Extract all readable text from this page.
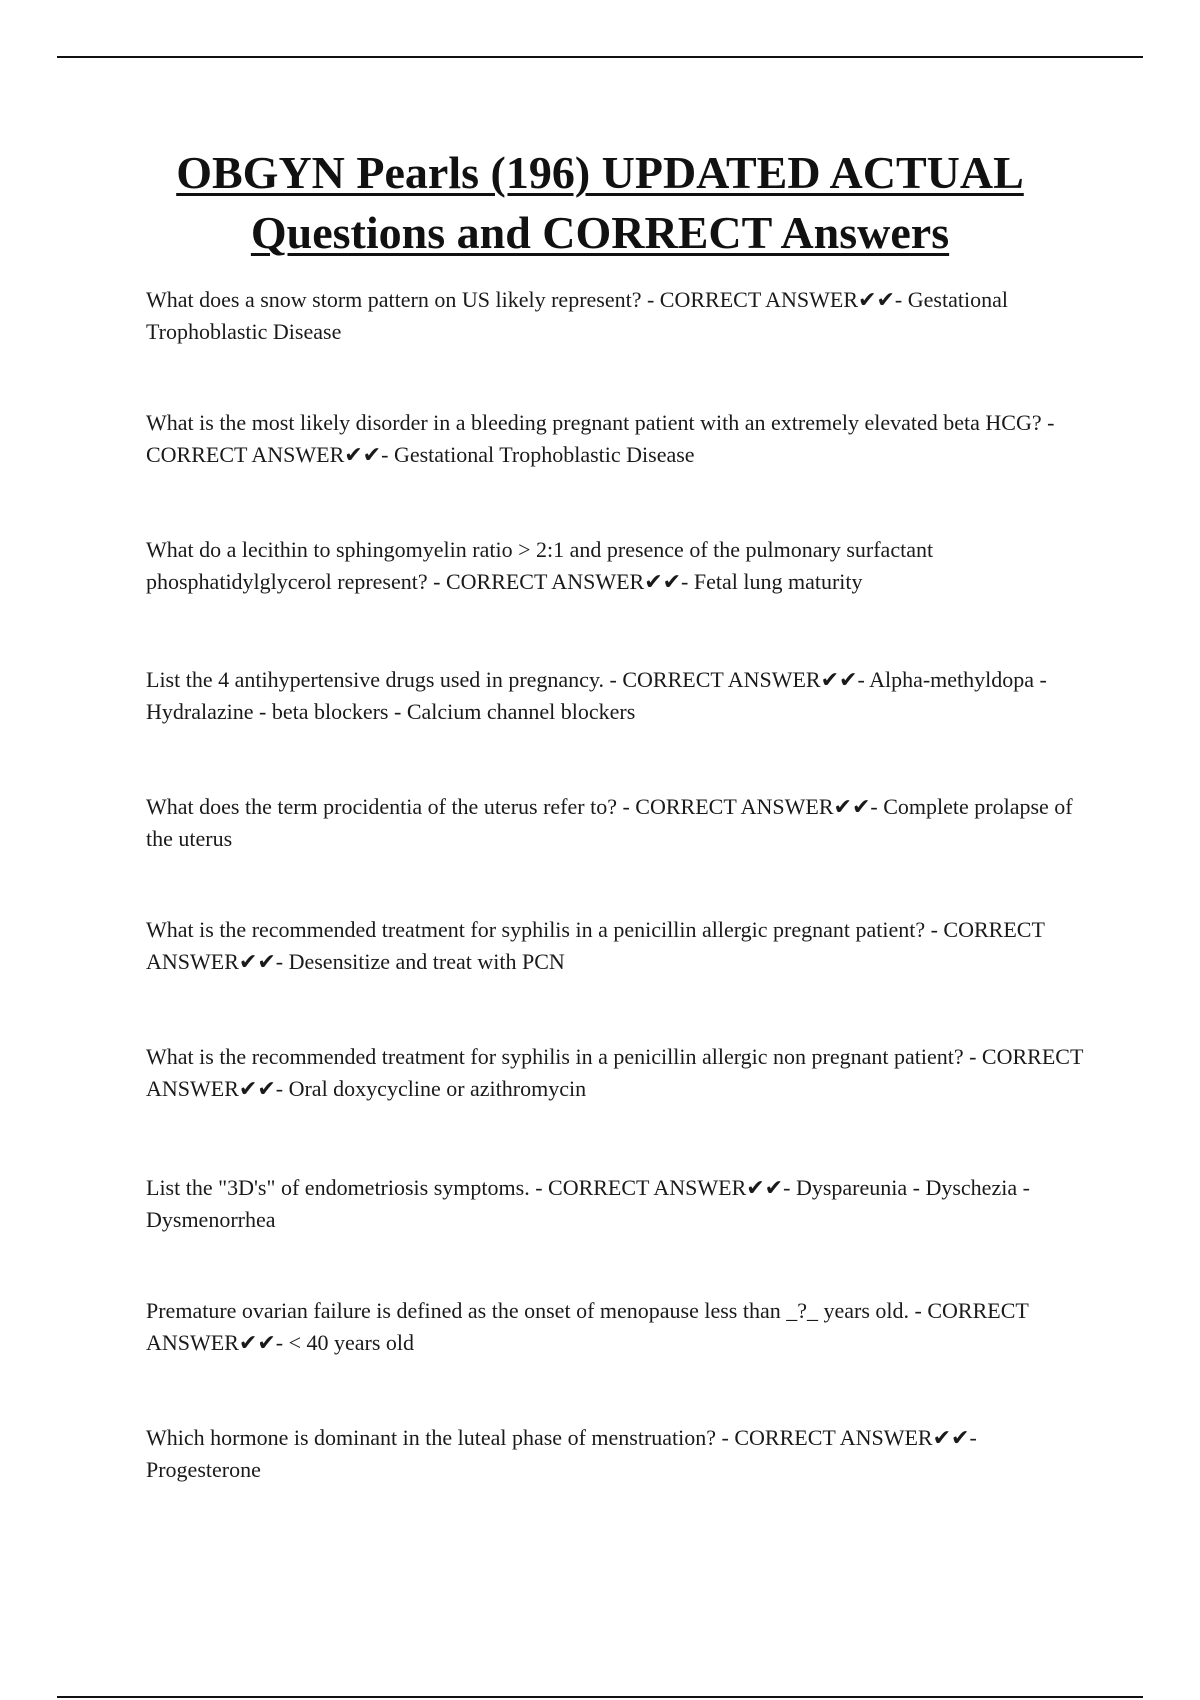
OBGYN Pearls (196) UPDATED ACTUAL
Questions and CORRECT Answers

What does a snow storm pattern on US likely represent? - CORRECT ANSWER✔✔- Gestational Trophoblastic Disease

What is the most likely disorder in a bleeding pregnant patient with an extremely elevated beta HCG? - CORRECT ANSWER✔✔- Gestational Trophoblastic Disease

What do a lecithin to sphingomyelin ratio > 2:1 and presence of the pulmonary surfactant phosphatidylglycerol represent? - CORRECT ANSWER✔✔- Fetal lung maturity

List the 4 antihypertensive drugs used in pregnancy. - CORRECT ANSWER✔✔- Alpha-methyldopa - Hydralazine - beta blockers - Calcium channel blockers

What does the term procidentia of the uterus refer to? - CORRECT ANSWER✔✔- Complete prolapse of the uterus

What is the recommended treatment for syphilis in a penicillin allergic pregnant patient? - CORRECT ANSWER✔✔- Desensitize and treat with PCN

What is the recommended treatment for syphilis in a penicillin allergic non pregnant patient? - CORRECT ANSWER✔✔- Oral doxycycline or azithromycin

List the "3D's" of endometriosis symptoms. - CORRECT ANSWER✔✔- Dyspareunia - Dyschezia - Dysmenorrhea

Premature ovarian failure is defined as the onset of menopause less than _?_ years old. - CORRECT ANSWER✔✔- < 40 years old

Which hormone is dominant in the luteal phase of menstruation? - CORRECT ANSWER✔✔- Progesterone
